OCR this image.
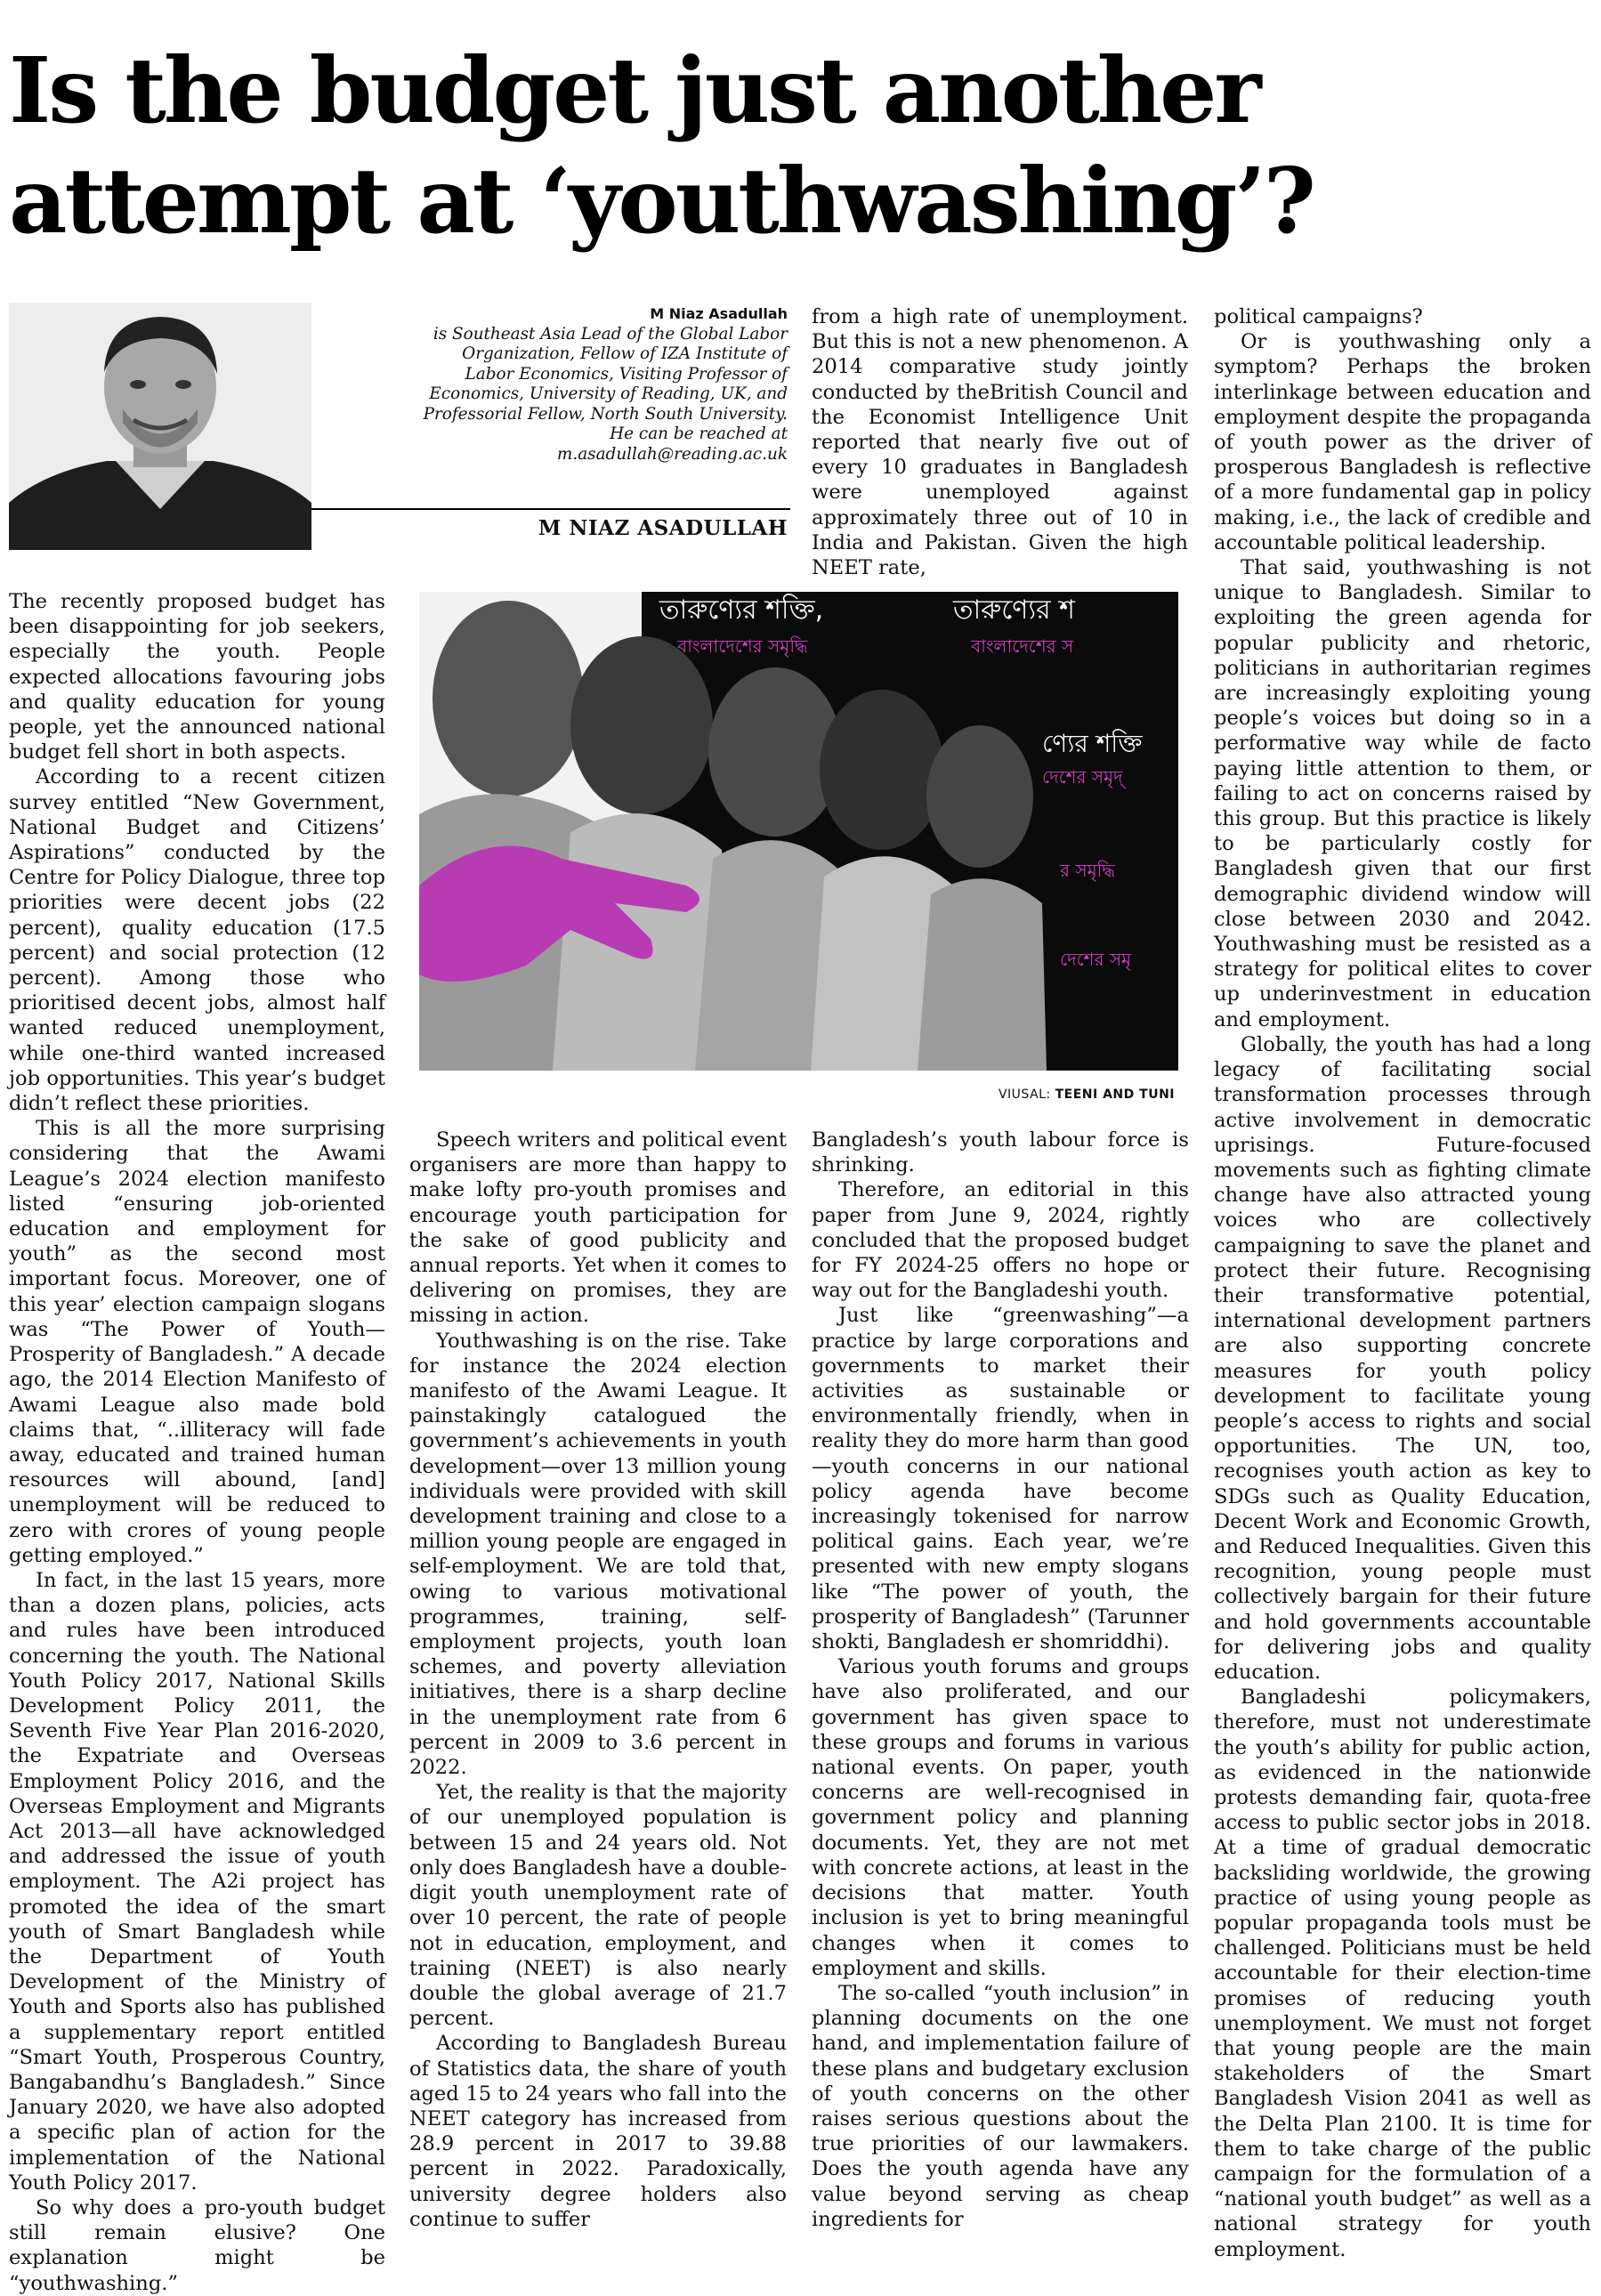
Is the budget just another attempt at ‘youthwashing’?
M Niaz Asadullah
is Southeast Asia Lead of the Global Labor Organization, Fellow of IZA Institute of Labor Economics, Visiting Professor of Economics, University of Reading, UK, and Professorial Fellow, North South University. He can be reached at m.asadullah@reading.ac.uk
M NIAZ ASADULLAH

The recently proposed budget has been disappointing for job seekers, especially the youth. People expected allocations favouring jobs and quality education for young people, yet the announced national budget fell short in both aspects.

According to a recent citizen survey entitled “New Government, National Budget and Citizens’ Aspirations” conducted by the Centre for Policy Dialogue, three top priorities were decent jobs (22 percent), quality education (17.5 percent) and social protection (12 percent). Among those who prioritised decent jobs, almost half wanted reduced unemployment, while one-third wanted increased job opportunities. This year’s budget didn’t reflect these priorities.

This is all the more surprising considering that the Awami League’s 2024 election manifesto listed “ensuring job-oriented education and employment for youth” as the second most important focus. Moreover, one of this year’ election campaign slogans was “The Power of Youth—Prosperity of Bangladesh.” A decade ago, the 2014 Election Manifesto of Awami League also made bold claims that, “..illiteracy will fade away, educated and trained human resources will abound, [and] unemployment will be reduced to zero with crores of young people getting employed.”

In fact, in the last 15 years, more than a dozen plans, policies, acts and rules have been introduced concerning the youth. The National Youth Policy 2017, National Skills Development Policy 2011, the Seventh Five Year Plan 2016-2020, the Expatriate and Overseas Employment Policy 2016, and the Overseas Employment and Migrants Act 2013—all have acknowledged and addressed the issue of youth employment. The A2i project has promoted the idea of the smart youth of Smart Bangladesh while the Department of Youth Development of the Ministry of Youth and Sports also has published a supplementary report entitled “Smart Youth, Prosperous Country, Bangabandhu’s Bangladesh.” Since January 2020, we have also adopted a specific plan of action for the implementation of the National Youth Policy 2017.

So why does a pro-youth budget still remain elusive? One explanation might be “youthwashing.”

from a high rate of unemployment. But this is not a new phenomenon. A 2014 comparative study jointly conducted by theBritish Council and the Economist Intelligence Unit reported that nearly five out of every 10 graduates in Bangladesh were unemployed against approximately three out of 10 in India and Pakistan. Given the high NEET rate,

তারুণ্যের শক্তি,	তারুণ্যের শ
বাংলাদেশের সমৃদ্ধি	বাংলাদেশের স
ণ্যের শক্তি
দেশের সমৃদ্
র সমৃদ্ধি
দেশের সমৃ
VIUSAL: TEENI AND TUNI

Speech writers and political event organisers are more than happy to make lofty pro-youth promises and encourage youth participation for the sake of good publicity and annual reports. Yet when it comes to delivering on promises, they are missing in action.

Youthwashing is on the rise. Take for instance the 2024 election manifesto of the Awami League. It painstakingly catalogued the government’s achievements in youth development—over 13 million young individuals were provided with skill development training and close to a million young people are engaged in self-employment. We are told that, owing to various motivational programmes, training, self-employment projects, youth loan schemes, and poverty alleviation initiatives, there is a sharp decline in the unemployment rate from 6 percent in 2009 to 3.6 percent in 2022.

Yet, the reality is that the majority of our unemployed population is between 15 and 24 years old. Not only does Bangladesh have a double-digit youth unemployment rate of over 10 percent, the rate of people not in education, employment, and training (NEET) is also nearly double the global average of 21.7 percent.

According to Bangladesh Bureau of Statistics data, the share of youth aged 15 to 24 years who fall into the NEET category has increased from 28.9 percent in 2017 to 39.88 percent in 2022. Paradoxically, university degree holders also continue to suffer

Bangladesh’s youth labour force is shrinking.

Therefore, an editorial in this paper from June 9, 2024, rightly concluded that the proposed budget for FY 2024-25 offers no hope or way out for the Bangladeshi youth.

Just like “greenwashing”—a practice by large corporations and governments to market their activities as sustainable or environmentally friendly, when in reality they do more harm than good—youth concerns in our national policy agenda have become increasingly tokenised for narrow political gains. Each year, we’re presented with new empty slogans like “The power of youth, the prosperity of Bangladesh” (Tarunner shokti, Bangladesh er shomriddhi).

Various youth forums and groups have also proliferated, and our government has given space to these groups and forums in various national events. On paper, youth concerns are well-recognised in government policy and planning documents. Yet, they are not met with concrete actions, at least in the decisions that matter. Youth inclusion is yet to bring meaningful changes when it comes to employment and skills.

The so-called “youth inclusion” in planning documents on the one hand, and implementation failure of these plans and budgetary exclusion of youth concerns on the other raises serious questions about the true priorities of our lawmakers. Does the youth agenda have any value beyond serving as cheap ingredients for

political campaigns?

Or is youthwashing only a symptom? Perhaps the broken interlinkage between education and employment despite the propaganda of youth power as the driver of prosperous Bangladesh is reflective of a more fundamental gap in policy making, i.e., the lack of credible and accountable political leadership.

That said, youthwashing is not unique to Bangladesh. Similar to exploiting the green agenda for popular publicity and rhetoric, politicians in authoritarian regimes are increasingly exploiting young people’s voices but doing so in a performative way while de facto paying little attention to them, or failing to act on concerns raised by this group. But this practice is likely to be particularly costly for Bangladesh given that our first demographic dividend window will close between 2030 and 2042. Youthwashing must be resisted as a strategy for political elites to cover up underinvestment in education and employment.

Globally, the youth has had a long legacy of facilitating social transformation processes through active involvement in democratic uprisings. Future-focused movements such as fighting climate change have also attracted young voices who are collectively campaigning to save the planet and protect their future. Recognising their transformative potential, international development partners are also supporting concrete measures for youth policy development to facilitate young people’s access to rights and social opportunities. The UN, too, recognises youth action as key to SDGs such as Quality Education, Decent Work and Economic Growth, and Reduced Inequalities. Given this recognition, young people must collectively bargain for their future and hold governments accountable for delivering jobs and quality education.

Bangladeshi policymakers, therefore, must not underestimate the youth’s ability for public action, as evidenced in the nationwide protests demanding fair, quota-free access to public sector jobs in 2018. At a time of gradual democratic backsliding worldwide, the growing practice of using young people as popular propaganda tools must be challenged. Politicians must be held accountable for their election-time promises of reducing youth unemployment. We must not forget that young people are the main stakeholders of the Smart Bangladesh Vision 2041 as well as the Delta Plan 2100. It is time for them to take charge of the public campaign for the formulation of a “national youth budget” as well as a national strategy for youth employment.
